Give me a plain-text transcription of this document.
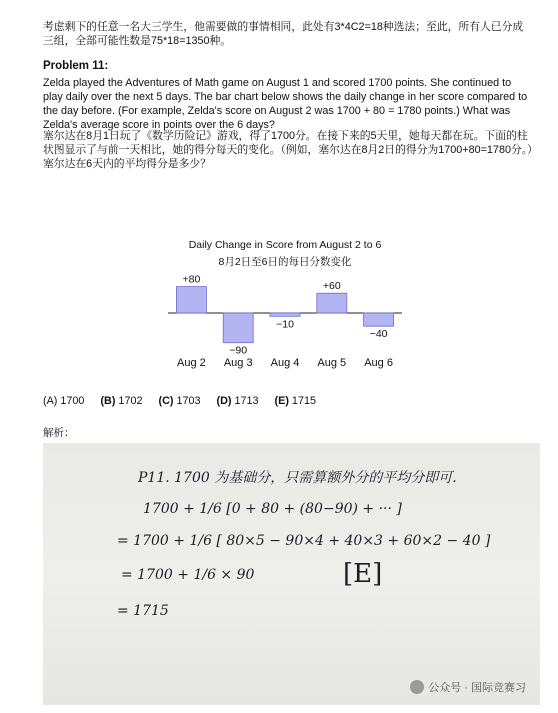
考虑剩下的任意一名大三学生，他需要做的事情相同，此处有3*4C2=18种选法；至此，所有人已分成三组，全部可能性数是75*18=1350种。
Problem 11:
Zelda played the Adventures of Math game on August 1 and scored 1700 points. She continued to play daily over the next 5 days. The bar chart below shows the daily change in her score compared to the day before. (For example, Zelda's score on August 2 was 1700 + 80 = 1780 points.) What was Zelda's average score in points over the 6 days?
塞尔达在8月1日玩了《数学历险记》游戏，得了1700分。在接下来的5天里，她每天都在玩。下面的柱状图显示了与前一天相比，她的得分每天的变化。（例如，塞尔达在8月2日的得分为1700+80=1780分。）塞尔达在6天内的平均得分是多少？
Daily Change in Score from August 2 to 6
8月2日至6日的每日分数变化
+80
Aug 2
−90
Aug 3
−10
Aug 4
+60
Aug 5
−40
Aug 6
(A) 1700 (B) 1702 (C) 1703 (D) 1713 (E) 1715
解析：
P11. 1700 为基础分，只需算额外分的平均分即可.
1700 + 1/6 [0 + 80 + (80−90) + ··· ]
= 1700 + 1/6 [ 80×5 − 90×4 + 40×3 + 60×2 − 40 ]
= 1700 + 1/6 × 90	[E]
= 1715
公众号 · 国际竞赛习
